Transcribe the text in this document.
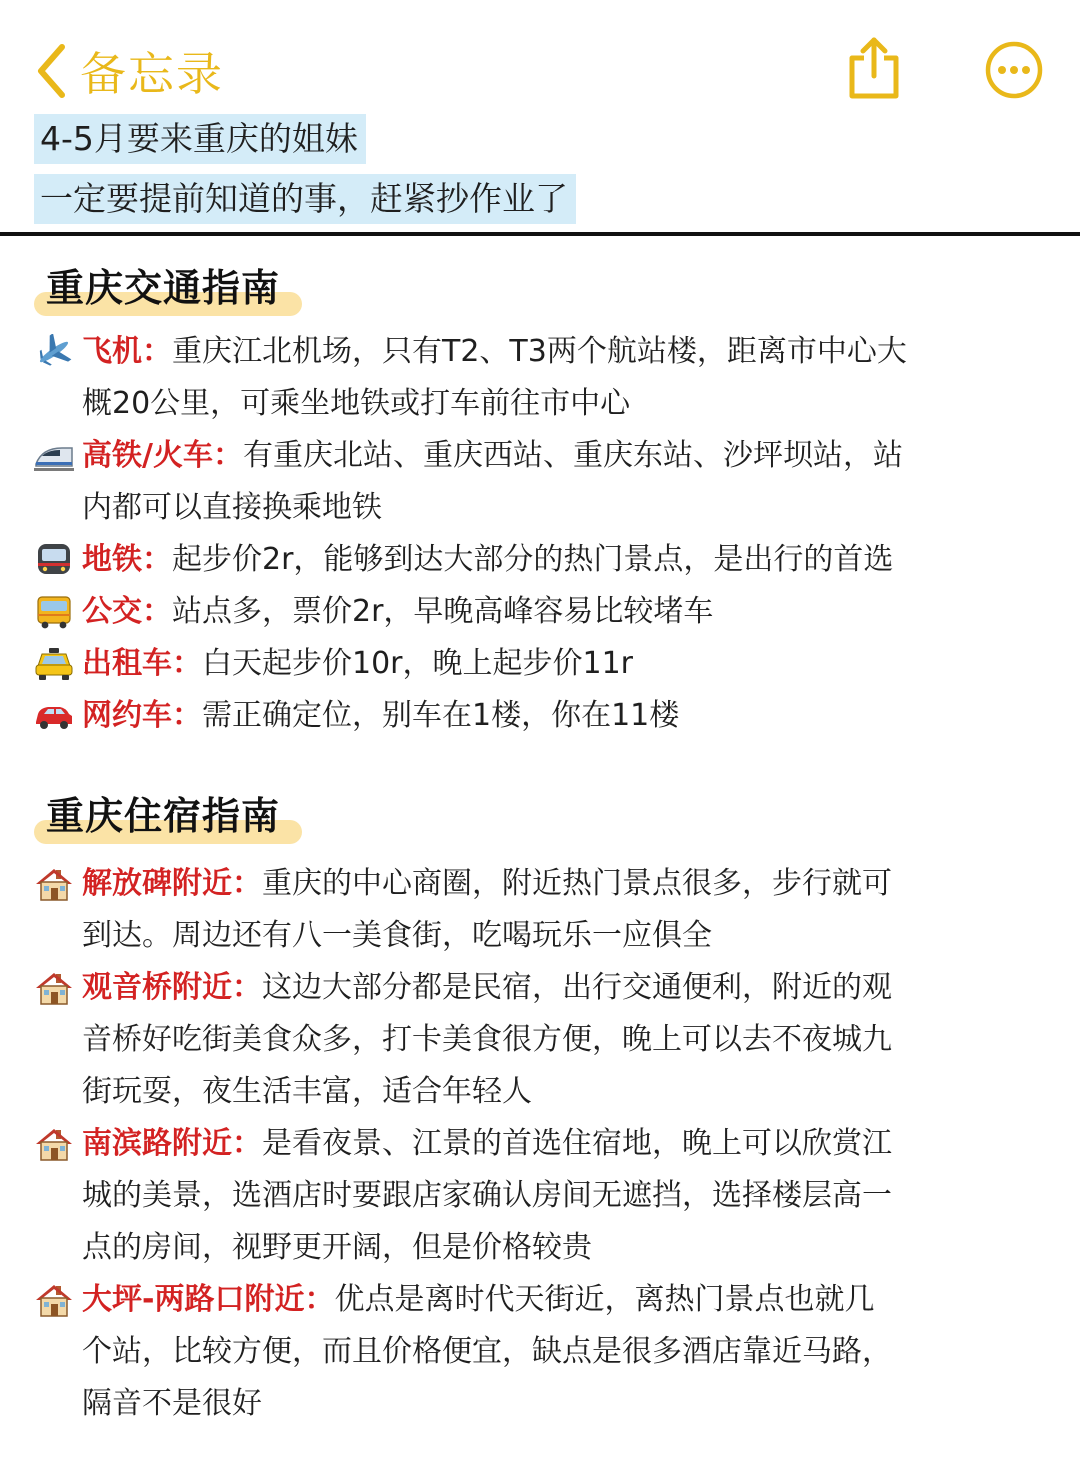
备忘录
4-5月要来重庆的姐妹
一定要提前知道的事，赶紧抄作业了
重庆交通指南
飞机：重庆江北机场，只有T2、T3两个航站楼，距离市中心大
概20公里，可乘坐地铁或打车前往市中心
高铁/火车：有重庆北站、重庆西站、重庆东站、沙坪坝站，站
内都可以直接换乘地铁
地铁：起步价2r，能够到达大部分的热门景点，是出行的首选
公交：站点多，票价2r，早晚高峰容易比较堵车
出租车：白天起步价10r，晚上起步价11r
网约车：需正确定位，别车在1楼，你在11楼
重庆住宿指南
解放碑附近：重庆的中心商圈，附近热门景点很多，步行就可
到达。周边还有八一美食街，吃喝玩乐一应俱全
观音桥附近：这边大部分都是民宿，出行交通便利，附近的观
音桥好吃街美食众多，打卡美食很方便，晚上可以去不夜城九
街玩耍，夜生活丰富，适合年轻人
南滨路附近：是看夜景、江景的首选住宿地，晚上可以欣赏江
城的美景，选酒店时要跟店家确认房间无遮挡，选择楼层高一
点的房间，视野更开阔，但是价格较贵
大坪-两路口附近：优点是离时代天街近，离热门景点也就几
个站，比较方便，而且价格便宜，缺点是很多酒店靠近马路，
隔音不是很好
